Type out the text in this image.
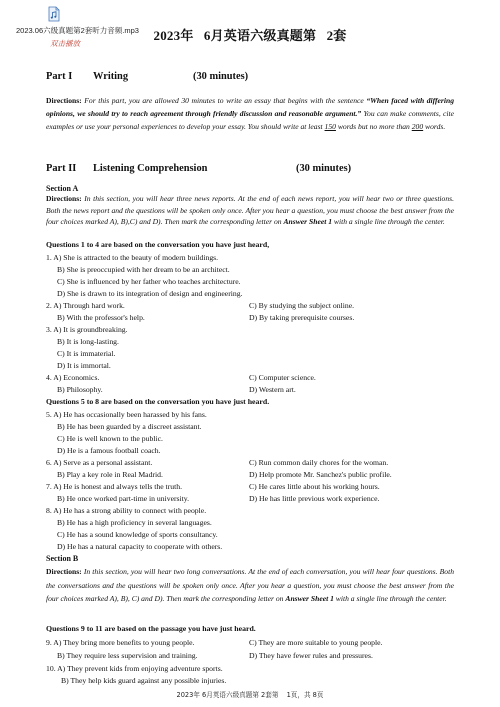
2023.06六级真题第2套听力音频.mp3
双击播放
2023年 6月英语六级真题第 2套
Part I Writing	(30 minutes)
Directions: For this part, you are allowed 30 minutes to write an essay that begins with the sentence “When faced with differing opinions, we should try to reach agreement through friendly discussion and reasonable argument.” You can make comments, cite examples or use your personal experiences to develop your essay. You should write at least 150 words but no more than 200 words.
Part II Listening Comprehension	(30 minutes)
Section A
Directions: In this section, you will hear three news reports. At the end of each news report, you will hear two or three questions. Both the news report and the questions will be spoken only once. After you hear a question, you must choose the best answer from the four choices marked A), B),C) and D). Then mark the corresponding letter on Answer Sheet 1 with a single line through the center.
Questions 1 to 4 are based on the conversation you have just heard,
1. A) She is attracted to the beauty of modern buildings.
B) She is preoccupied with her dream to be an architect.
C) She is influenced by her father who teaches architecture.
D) She is drawn to its integration of design and engineering.
2. A) Through hard work.	C) By studying the subject online.
B) With the professor's help.	D) By taking prerequisite courses.
3. A) It is groundbreaking.
B) It is long-lasting.
C) It is immaterial.
D) It is immortal.
4. A) Economics.	C) Computer science.
B) Philosophy.	D) Western art.
Questions 5 to 8 are based on the conversation you have just heard.
5. A) He has occasionally been harassed by his fans.
B) He has been guarded by a discreet assistant.
C) He is well known to the public.
D) He is a famous football coach.
6. A) Serve as a personal assistant.	C) Run common daily chores for the woman.
B) Play a key role in Real Madrid.	D) Help promote Mr. Sanchez's public profile.
7. A) He is honest and always tells the truth.	C) He cares little about his working hours.
B) He once worked part-time in university.	D) He has little previous work experience.
8. A) He has a strong ability to connect with people.
B) He has a high proficiency in several languages.
C) He has a sound knowledge of sports consultancy.
D) He has a natural capacity to cooperate with others.
Section B
Directions: In this section, you will hear two long conversations. At the end of each conversation, you will hear four questions. Both the conversations and the questions will be spoken only once. After you hear a question, you must choose the best answer from the four choices marked A), B), C) and D). Then mark the corresponding letter on Answer Sheet 1 with a single line through the center.
Questions 9 to 11 are based on the passage you have just heard.
9. A) They bring more benefits to young people.	C) They are more suitable to young people.
B) They require less supervision and training.	D) They have fewer rules and pressures.
10. A) They prevent kids from enjoying adventure sports.
B) They help kids guard against any possible injuries.
2023年 6月英语六级真题第 2套第 1页，共 8页
